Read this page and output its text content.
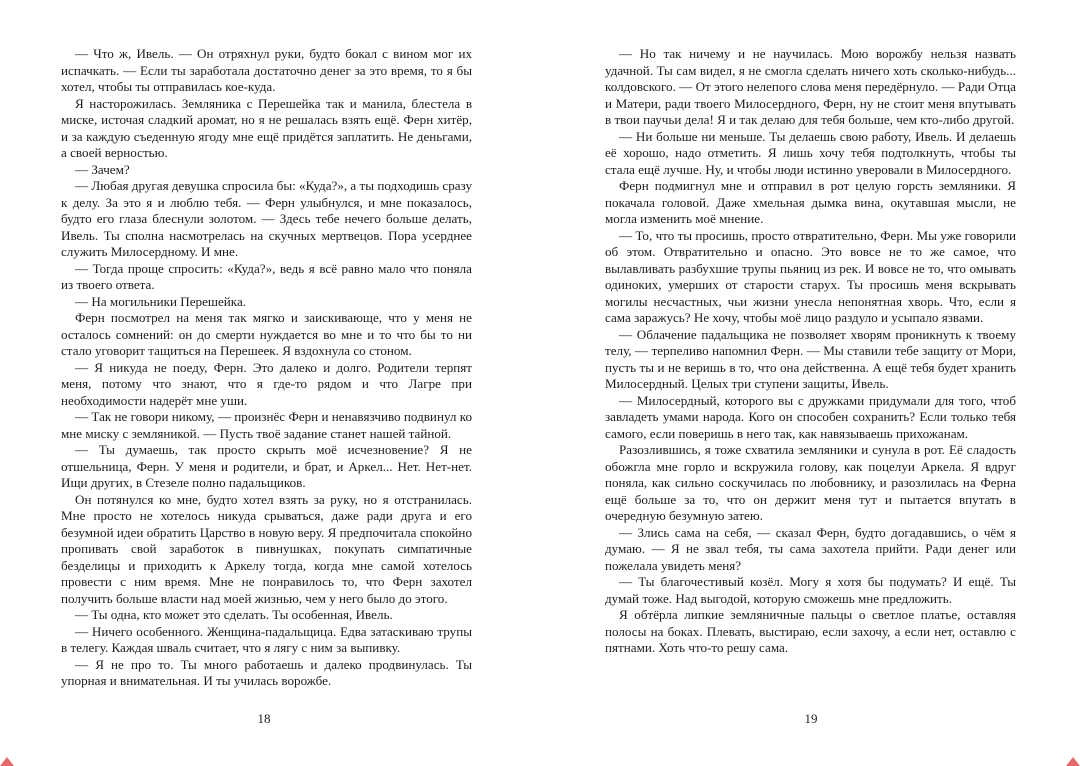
— Что ж, Ивель. — Он отряхнул руки, будто бокал с вином мог их испачкать. — Если ты заработала достаточно денег за это время, то я бы хотел, чтобы ты отправилась кое-куда.

Я насторожилась. Земляника с Перешейка так и манила, блестела в миске, источая сладкий аромат, но я не решалась взять ещё. Ферн хитёр, и за каждую съеденную ягоду мне ещё придётся заплатить. Не деньгами, а своей верностью.

— Зачем?

— Любая другая девушка спросила бы: «Куда?», а ты подходишь сразу к делу. За это я и люблю тебя. — Ферн улыбнулся, и мне показалось, будто его глаза блеснули золотом. — Здесь тебе нечего больше делать, Ивель. Ты сполна насмотрелась на скучных мертвецов. Пора усерднее служить Милосердному. И мне.

— Тогда проще спросить: «Куда?», ведь я всё равно мало что поняла из твоего ответа.

— На могильники Перешейка.

Ферн посмотрел на меня так мягко и заискивающе, что у меня не осталось сомнений: он до смерти нуждается во мне и то что бы то ни стало уговорит тащиться на Перешеек. Я вздохнула со стоном.

— Я никуда не поеду, Ферн. Это далеко и долго. Родители терпят меня, потому что знают, что я где-то рядом и что Лагре при необходимости надерёт мне уши.

— Так не говори никому, — произнёс Ферн и ненавязчиво подвинул ко мне миску с земляникой. — Пусть твоё задание станет нашей тайной.

— Ты думаешь, так просто скрыть моё исчезновение? Я не отшельница, Ферн. У меня и родители, и брат, и Аркел... Нет. Нет-нет. Ищи других, в Стезеле полно падальщиков.

Он потянулся ко мне, будто хотел взять за руку, но я отстранилась. Мне просто не хотелось никуда срываться, даже ради друга и его безумной идеи обратить Царство в новую веру. Я предпочитала спокойно пропивать свой заработок в пивнушках, покупать симпатичные безделицы и приходить к Аркелу тогда, когда мне самой хотелось провести с ним время. Мне не понравилось то, что Ферн захотел получить больше власти над моей жизнью, чем у него было до этого.

— Ты одна, кто может это сделать. Ты особенная, Ивель.

— Ничего особенного. Женщина-падальщица. Едва затаскиваю трупы в телегу. Каждая шваль считает, что я лягу с ним за выпивку.

— Я не про то. Ты много работаешь и далеко продвинулась. Ты упорная и внимательная. И ты училась ворожбе.

18

— Но так ничему и не научилась. Мою ворожбу нельзя назвать удачной. Ты сам видел, я не смогла сделать ничего хоть сколько-нибудь... колдовского. — От этого нелепого слова меня передёрнуло. — Ради Отца и Матери, ради твоего Милосердного, Ферн, ну не стоит меня впутывать в твои паучьи дела! Я и так делаю для тебя больше, чем кто-либо другой.

— Ни больше ни меньше. Ты делаешь свою работу, Ивель. И делаешь её хорошо, надо отметить. Я лишь хочу тебя подтолкнуть, чтобы ты стала ещё лучше. Ну, и чтобы люди истинно уверовали в Милосердного.

Ферн подмигнул мне и отправил в рот целую горсть земляники. Я покачала головой. Даже хмельная дымка вина, окутавшая мысли, не могла изменить моё мнение.

— То, что ты просишь, просто отвратительно, Ферн. Мы уже говорили об этом. Отвратительно и опасно. Это вовсе не то же самое, что вылавливать разбухшие трупы пьяниц из рек. И вовсе не то, что омывать одиноких, умерших от старости старух. Ты просишь меня вскрывать могилы несчастных, чьи жизни унесла непонятная хворь. Что, если я сама заражусь? Не хочу, чтобы моё лицо раздуло и усыпало язвами.

— Облачение падальщика не позволяет хворям проникнуть к твоему телу, — терпеливо напомнил Ферн. — Мы ставили тебе защиту от Мори, пусть ты и не веришь в то, что она действенна. А ещё тебя будет хранить Милосердный. Целых три ступени защиты, Ивель.

— Милосердный, которого вы с дружками придумали для того, чтоб завладеть умами народа. Кого он способен сохранить? Если только тебя самого, если поверишь в него так, как навязываешь прихожанам.

Разозлившись, я тоже схватила земляники и сунула в рот. Её сладость обожгла мне горло и вскружила голову, как поцелуи Аркела. Я вдруг поняла, как сильно соскучилась по любовнику, и разозлилась на Ферна ещё больше за то, что он держит меня тут и пытается впутать в очередную безумную затею.

— Злись сама на себя, — сказал Ферн, будто догадавшись, о чём я думаю. — Я не звал тебя, ты сама захотела прийти. Ради денег или пожелала увидеть меня?

— Ты благочестивый козёл. Могу я хотя бы подумать? И ещё. Ты думай тоже. Над выгодой, которую сможешь мне предложить.

Я обтёрла липкие земляничные пальцы о светлое платье, оставляя полосы на боках. Плевать, выстираю, если захочу, а если нет, оставлю с пятнами. Хоть что-то решу сама.

19
